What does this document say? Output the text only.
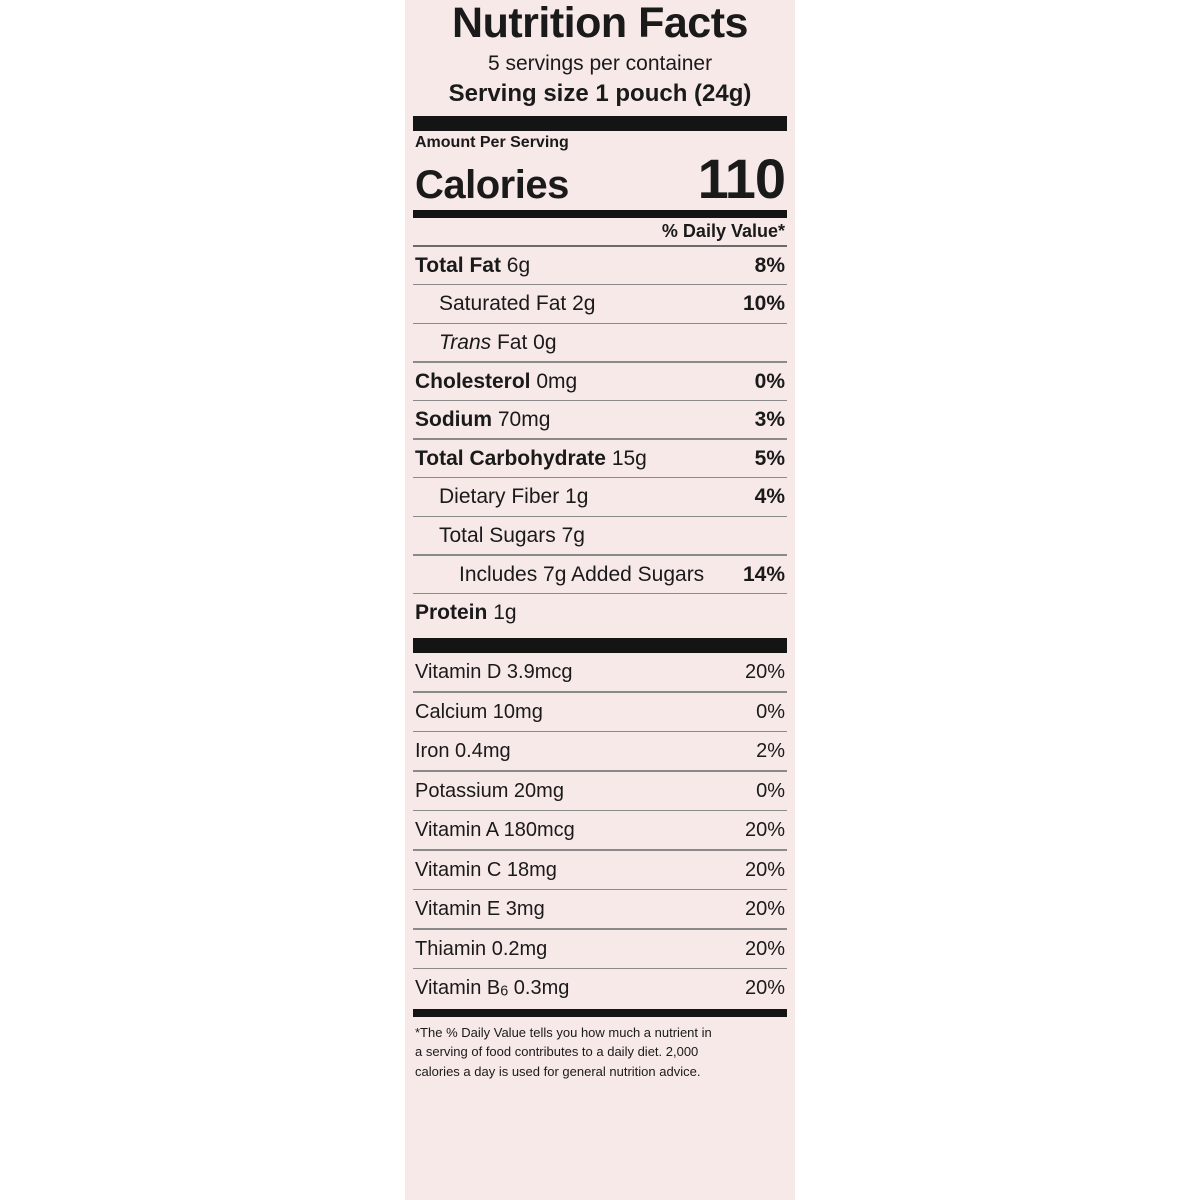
Nutrition Facts
5 servings per container
Serving size 1 pouch (24g)
Amount Per Serving
Calories 110
% Daily Value*
Total Fat 6g	8%
Saturated Fat 2g	10%
Trans Fat 0g
Cholesterol 0mg	0%
Sodium 70mg	3%
Total Carbohydrate 15g	5%
Dietary Fiber 1g	4%
Total Sugars 7g
Includes 7g Added Sugars 14%
Protein 1g
Vitamin D 3.9mcg	20%
Calcium 10mg	0%
Iron 0.4mg	2%
Potassium 20mg	0%
Vitamin A 180mcg	20%
Vitamin C 18mg	20%
Vitamin E 3mg	20%
Thiamin 0.2mg	20%
Vitamin B6 0.3mg	20%
*The % Daily Value tells you how much a nutrient in
a serving of food contributes to a daily diet. 2,000
calories a day is used for general nutrition advice.
